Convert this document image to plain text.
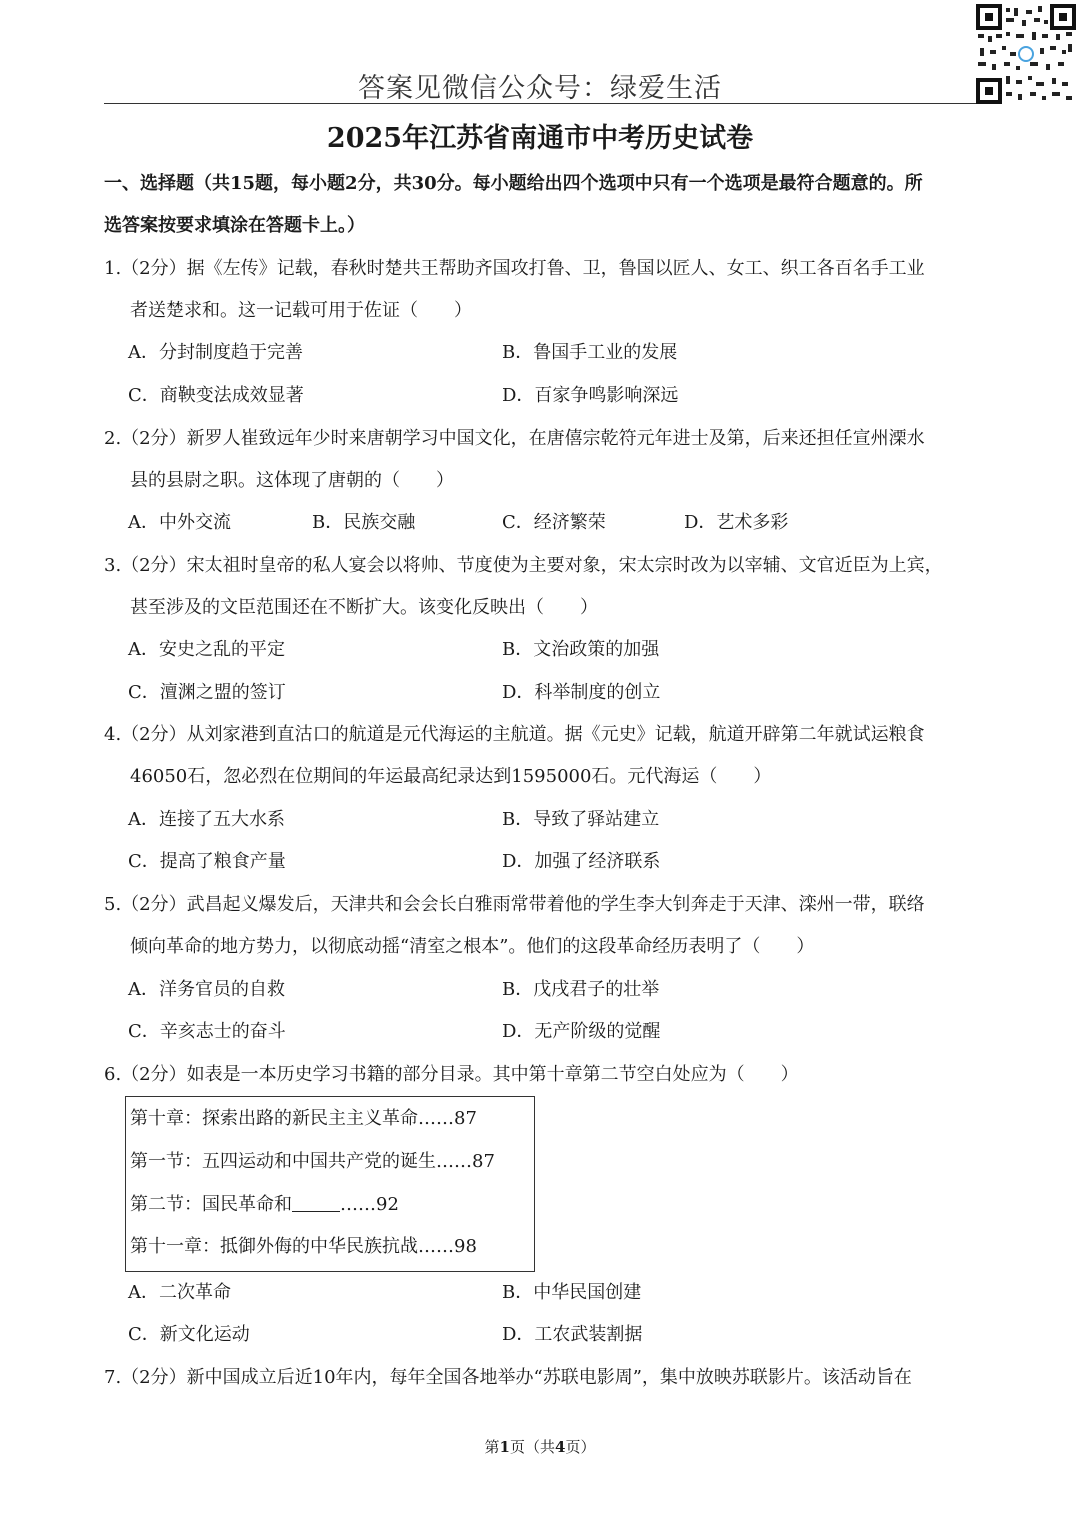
答案见微信公众号：绿爱生活
2025年江苏省南通市中考历史试卷
一、选择题（共15题，每小题2分，共30分。每小题给出四个选项中只有一个选项是最符合题意的。所
选答案按要求填涂在答题卡上。）
1.（2分）据《左传》记载，春秋时楚共王帮助齐国攻打鲁、卫，鲁国以匠人、女工、织工各百名手工业
者送楚求和。这一记载可用于佐证（　　）
A．分封制度趋于完善	B．鲁国手工业的发展
C．商鞅变法成效显著	D．百家争鸣影响深远
2.（2分）新罗人崔致远年少时来唐朝学习中国文化，在唐僖宗乾符元年进士及第，后来还担任宣州溧水
县的县尉之职。这体现了唐朝的（　　）
A．中外交流	B．民族交融	C．经济繁荣	D．艺术多彩
3.（2分）宋太祖时皇帝的私人宴会以将帅、节度使为主要对象，宋太宗时改为以宰辅、文官近臣为上宾，
甚至涉及的文臣范围还在不断扩大。该变化反映出（　　）
A．安史之乱的平定	B．文治政策的加强
C．澶渊之盟的签订	D．科举制度的创立
4.（2分）从刘家港到直沽口的航道是元代海运的主航道。据《元史》记载，航道开辟第二年就试运粮食
46050石，忽必烈在位期间的年运最高纪录达到1595000石。元代海运（　　）
A．连接了五大水系	B．导致了驿站建立
C．提高了粮食产量	D．加强了经济联系
5.（2分）武昌起义爆发后，天津共和会会长白雅雨常带着他的学生李大钊奔走于天津、滦州一带，联络
倾向革命的地方势力，以彻底动摇“清室之根本”。他们的这段革命经历表明了（　　）
A．洋务官员的自救	B．戊戌君子的壮举
C．辛亥志士的奋斗	D．无产阶级的觉醒
6.（2分）如表是一本历史学习书籍的部分目录。其中第十章第二节空白处应为（　　）
第十章：探索出路的新民主主义革命……87
第一节：五四运动和中国共产党的诞生……87
第二节：国民革命和	……92
第十一章：抵御外侮的中华民族抗战……98
A．二次革命	B．中华民国创建
C．新文化运动	D．工农武装割据
7.（2分）新中国成立后近10年内，每年全国各地举办“苏联电影周”，集中放映苏联影片。该活动旨在
第1页（共4页）
